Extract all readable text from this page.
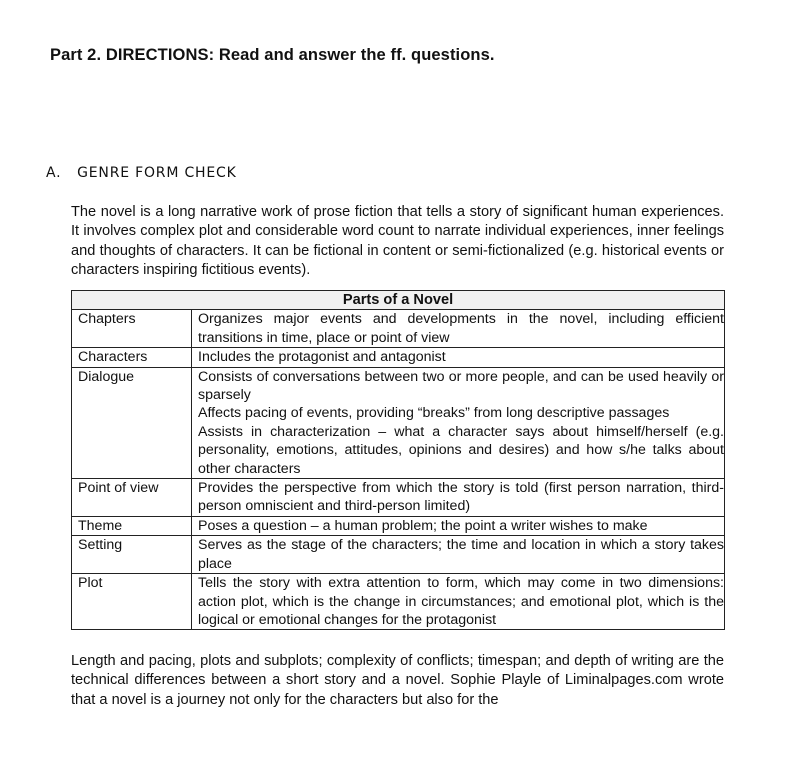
Part 2. DIRECTIONS: Read and answer the ff. questions.
A.   GENRE FORM CHECK
The novel is a long narrative work of prose fiction that tells a story of significant human experiences. It involves complex plot and considerable word count to narrate individual experiences, inner feelings and thoughts of characters. It can be fictional in content or semi-fictionalized (e.g. historical events or characters inspiring fictitious events).
Parts of a Novel	
Chapters	Organizes major events and developments in the novel, including efficient transitions in time, place or point of view

Characters	Includes the protagonist and antagonist

Dialogue	Consists of conversations between two or more people, and can be used heavily or sparsely
Affects pacing of events, providing “breaks” from long descriptive passages
Assists in characterization – what a character says about himself/herself (e.g. personality, emotions, attitudes, opinions and desires) and how s/he talks about other characters

Point of view	Provides the perspective from which the story is told (first person narration, third-person omniscient and third-person limited)

Theme	Poses a question – a human problem; the point a writer wishes to make

Setting	Serves as the stage of the characters; the time and location in which a story takes place

Plot	Tells the story with extra attention to form, which may come in two dimensions: action plot, which is the change in circumstances; and emotional plot, which is the logical or emotional changes for the protagonist
Length and pacing, plots and subplots; complexity of conflicts; timespan; and depth of writing are the technical differences between a short story and a novel. Sophie Playle of Liminalpages.com wrote that a novel is a journey not only for the characters but also for the
